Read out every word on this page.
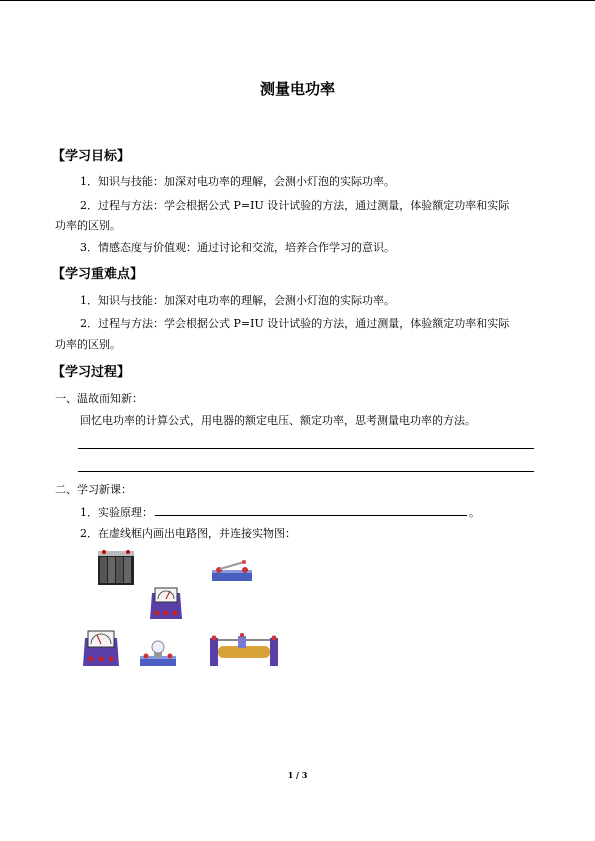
测量电功率
【学习目标】
1．知识与技能：加深对电功率的理解，会测小灯泡的实际功率。
2．过程与方法：学会根据公式 P=IU 设计试验的方法，通过测量，体验额定功率和实际
功率的区别。
3．情感态度与价值观：通过讨论和交流，培养合作学习的意识。
【学习重难点】
1．知识与技能：加深对电功率的理解，会测小灯泡的实际功率。
2．过程与方法：学会根据公式 P=IU 设计试验的方法，通过测量，体验额定功率和实际
功率的区别。
【学习过程】
一、温故而知新：
回忆电功率的计算公式，用电器的额定电压、额定功率，思考测量电功率的方法。
二、学习新课：
1．实验原理：	。
2．在虚线框内画出电路图，并连接实物图：
1 / 3
